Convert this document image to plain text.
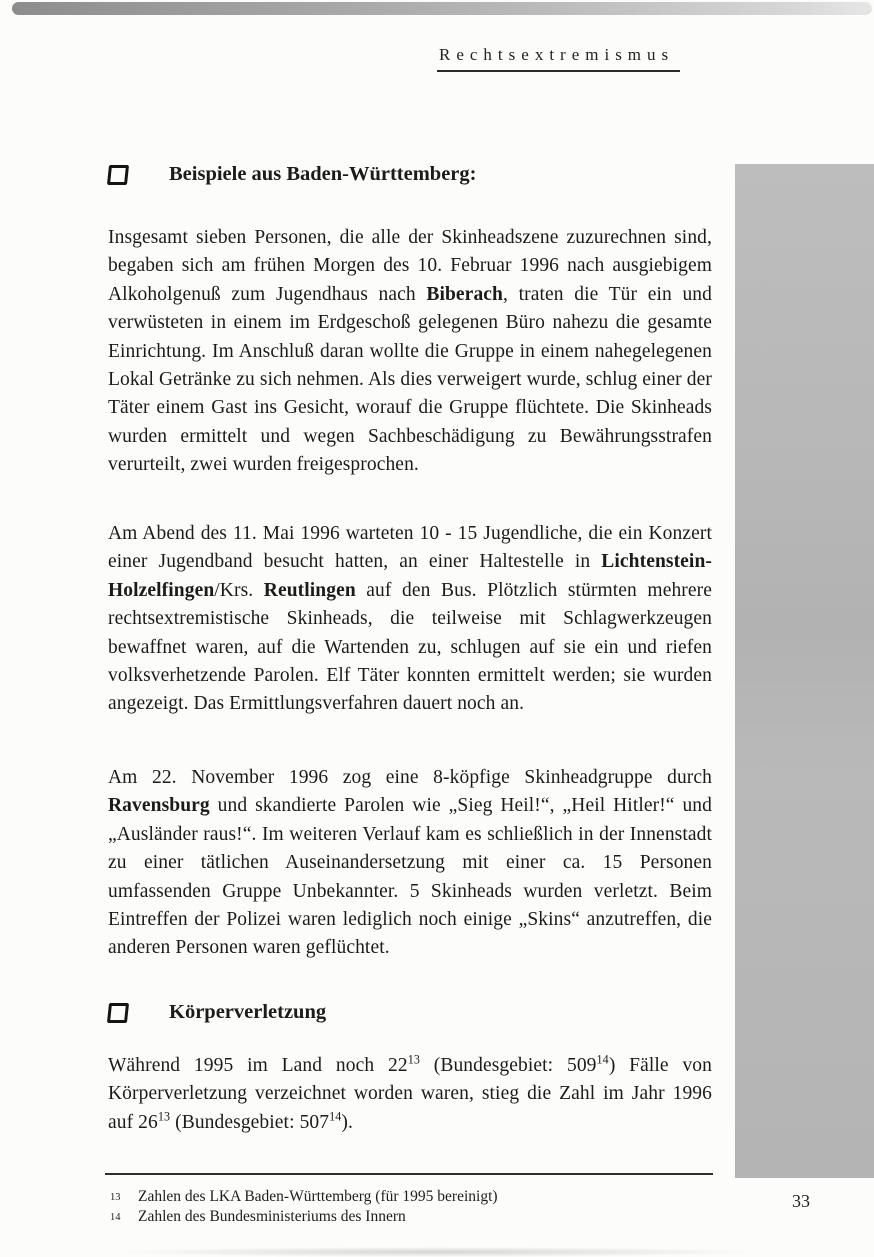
Rechtsextremismus
Beispiele aus Baden-Württemberg:
Insgesamt sieben Personen, die alle der Skinheadszene zuzurechnen sind, begaben sich am frühen Morgen des 10. Februar 1996 nach ausgiebigem Alkoholgenuß zum Jugendhaus nach Biberach, traten die Tür ein und verwüsteten in einem im Erdgeschoß gelegenen Büro nahezu die gesamte Einrichtung. Im Anschluß daran wollte die Gruppe in einem nahegelegenen Lokal Getränke zu sich nehmen. Als dies verweigert wurde, schlug einer der Täter einem Gast ins Gesicht, worauf die Gruppe flüchtete. Die Skinheads wurden ermittelt und wegen Sachbeschädigung zu Bewährungsstrafen verurteilt, zwei wurden freigesprochen.
Am Abend des 11. Mai 1996 warteten 10 - 15 Jugendliche, die ein Konzert einer Jugendband besucht hatten, an einer Haltestelle in Lichtenstein-Holzelfingen/Krs. Reutlingen auf den Bus. Plötzlich stürmten mehrere rechtsextremistische Skinheads, die teilweise mit Schlagwerkzeugen bewaffnet waren, auf die Wartenden zu, schlugen auf sie ein und riefen volksverhetzende Parolen. Elf Täter konnten ermittelt werden; sie wurden angezeigt. Das Ermittlungsverfahren dauert noch an.
Am 22. November 1996 zog eine 8-köpfige Skinheadgruppe durch Ravensburg und skandierte Parolen wie „Sieg Heil!“, „Heil Hitler!“ und „Ausländer raus!“. Im weiteren Verlauf kam es schließlich in der Innenstadt zu einer tätlichen Auseinandersetzung mit einer ca. 15 Personen umfassenden Gruppe Unbekannter. 5 Skinheads wurden verletzt. Beim Eintreffen der Polizei waren lediglich noch einige „Skins“ anzutreffen, die anderen Personen waren geflüchtet.
Körperverletzung
Während 1995 im Land noch $22^{13}$ (Bundesgebiet: $509^{14}$) Fälle von Körperverletzung verzeichnet worden waren, stieg die Zahl im Jahr 1996 auf $26^{13}$ (Bundesgebiet: $507^{14}$).
13	Zahlen des LKA Baden-Württemberg (für 1995 bereinigt)
14	Zahlen des Bundesministeriums des Innern
33
